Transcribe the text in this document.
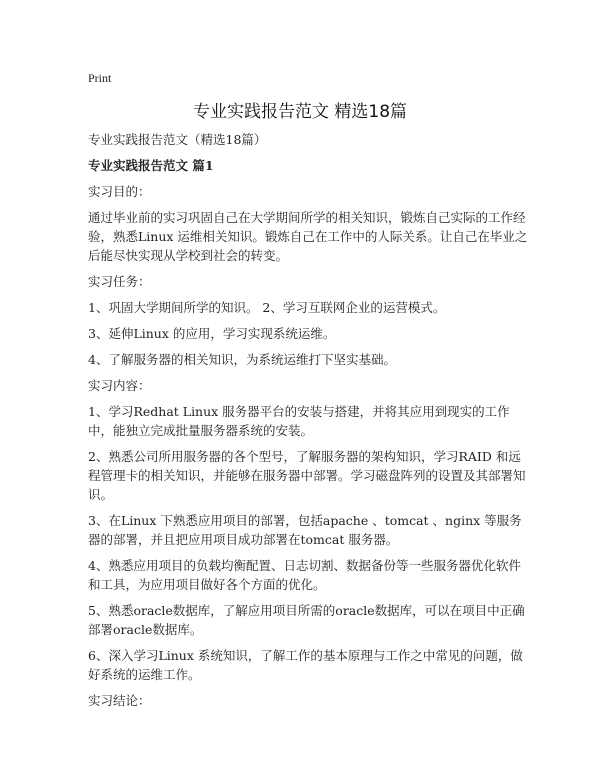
Print

专业实践报告范文 精选18篇

专业实践报告范文（精选18篇）

专业实践报告范文 篇1

实习目的：

通过毕业前的实习巩固自己在大学期间所学的相关知识，锻炼自己实际的工作经验，熟悉Linux 运维相关知识。锻炼自己在工作中的人际关系。让自己在毕业之后能尽快实现从学校到社会的转变。

实习任务：

1、巩固大学期间所学的知识。 2、学习互联网企业的运营模式。

3、延伸Linux 的应用，学习实现系统运维。

4、了解服务器的相关知识，为系统运维打下坚实基础。

实习内容：

1、学习Redhat Linux 服务器平台的安装与搭建，并将其应用到现实的工作中，能独立完成批量服务器系统的安装。

2、熟悉公司所用服务器的各个型号，了解服务器的架构知识，学习RAID 和远程管理卡的相关知识，并能够在服务器中部署。学习磁盘阵列的设置及其部署知识。

3、在Linux 下熟悉应用项目的部署，包括apache 、tomcat 、nginx 等服务器的部署，并且把应用项目成功部署在tomcat 服务器。

4、熟悉应用项目的负载均衡配置、日志切割、数据备份等一些服务器优化软件和工具，为应用项目做好各个方面的优化。

5、熟悉oracle数据库，了解应用项目所需的oracle数据库，可以在项目中正确部署oracle数据库。

6、深入学习Linux 系统知识，了解工作的基本原理与工作之中常见的问题，做好系统的运维工作。

实习结论：
